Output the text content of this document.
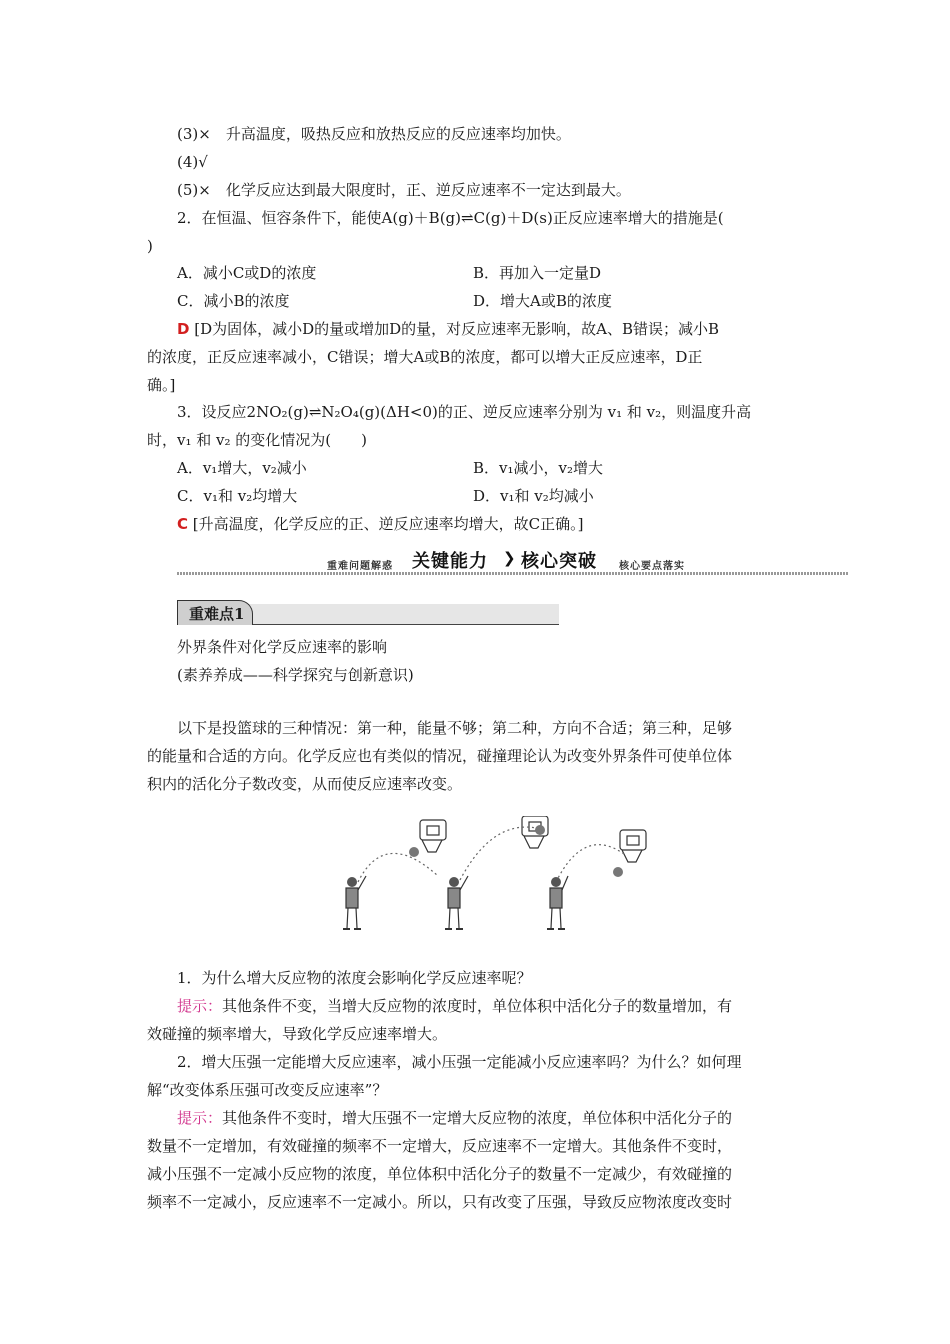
(3)×　升高温度，吸热反应和放热反应的反应速率均加快。
(4)√
(5)×　化学反应达到最大限度时，正、逆反应速率不一定达到最大。
2．在恒温、恒容条件下，能使A(g)＋B(g)⇌C(g)＋D(s)正反应速率增大的措施是(
)
A．减小C或D的浓度	B．再加入一定量D
C．减小B的浓度	D．增大A或B的浓度
D [D为固体，减小D的量或增加D的量，对反应速率无影响，故A、B错误；减小B
的浓度，正反应速率减小，C错误；增大A或B的浓度，都可以增大正反应速率，D正
确。]
3．设反应2NO₂(g)⇌N₂O₄(g)(ΔH<0)的正、逆反应速率分别为 v₁ 和 v₂，则温度升高
时，v₁ 和 v₂ 的变化情况为(　　)
A．v₁增大，v₂减小	B．v₁减小，v₂增大
C．v₁和 v₂均增大	D．v₁和 v₂均减小
C [升高温度，化学反应的正、逆反应速率均增大，故C正确。]
重难问题解惑 关键能力 ❯ 核心突破 核心要点落实
重难点1
外界条件对化学反应速率的影响
(素养养成——科学探究与创新意识)
以下是投篮球的三种情况：第一种，能量不够；第二种，方向不合适；第三种，足够
的能量和合适的方向。化学反应也有类似的情况，碰撞理论认为改变外界条件可使单位体
积内的活化分子数改变，从而使反应速率改变。
1．为什么增大反应物的浓度会影响化学反应速率呢？
提示：其他条件不变，当增大反应物的浓度时，单位体积中活化分子的数量增加，有
效碰撞的频率增大，导致化学反应速率增大。
2．增大压强一定能增大反应速率，减小压强一定能减小反应速率吗？为什么？如何理
解“改变体系压强可改变反应速率”？
提示：其他条件不变时，增大压强不一定增大反应物的浓度，单位体积中活化分子的
数量不一定增加，有效碰撞的频率不一定增大，反应速率不一定增大。其他条件不变时，
减小压强不一定减小反应物的浓度，单位体积中活化分子的数量不一定减少，有效碰撞的
频率不一定减小，反应速率不一定减小。所以，只有改变了压强，导致反应物浓度改变时
